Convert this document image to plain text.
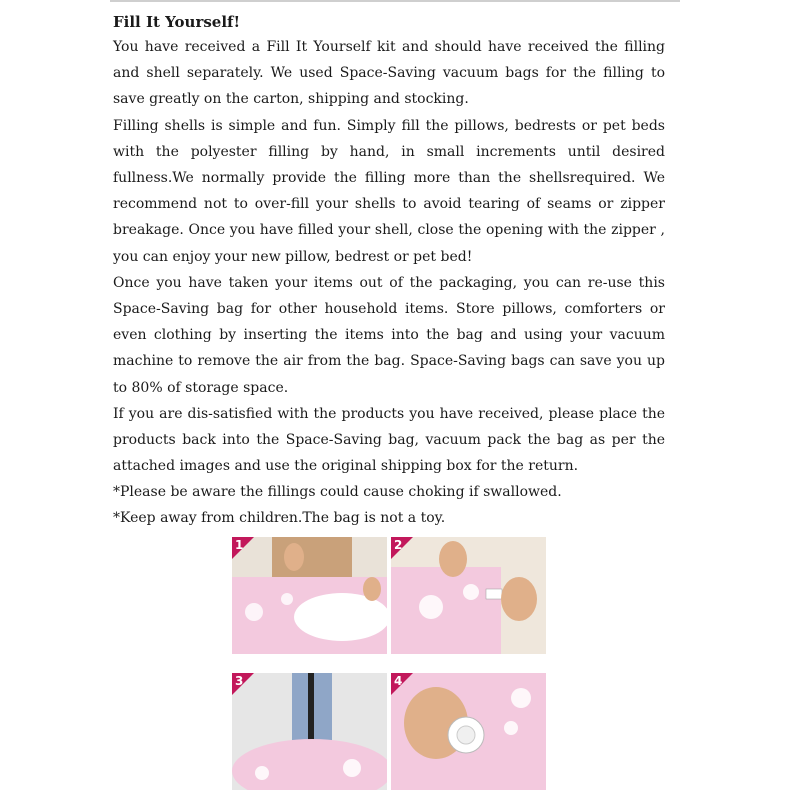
Fill It Yourself!

You have received a Fill It Yourself kit and should have received the filling and shell separately. We used Space-Saving vacuum bags for the filling to save greatly on the carton, shipping and stocking.

Filling shells is simple and fun. Simply fill the pillows, bedrests or pet beds with the polyester filling by hand, in small increments until desired fullness.We normally provide the filling more than the shellsrequired. We recommend not to over-fill your shells to avoid tearing of seams or zipper breakage. Once you have filled your shell, close the opening with the zipper , you can enjoy your new pillow, bedrest or pet bed!

Once you have taken your items out of the packaging, you can re-use this Space-Saving bag for other household items. Store pillows, comforters or even clothing by inserting the items into the bag and using your vacuum machine to remove the air from the bag. Space-Saving bags can save you up to 80% of storage space.

If you are dis-satisfied with the products you have received, please place the products back into the Space-Saving bag, vacuum pack the bag as per the attached images and use the original shipping box for the return.

*Please be aware the fillings could cause choking if swallowed.

*Keep away from children.The bag is not a toy.

1	2
3	4
